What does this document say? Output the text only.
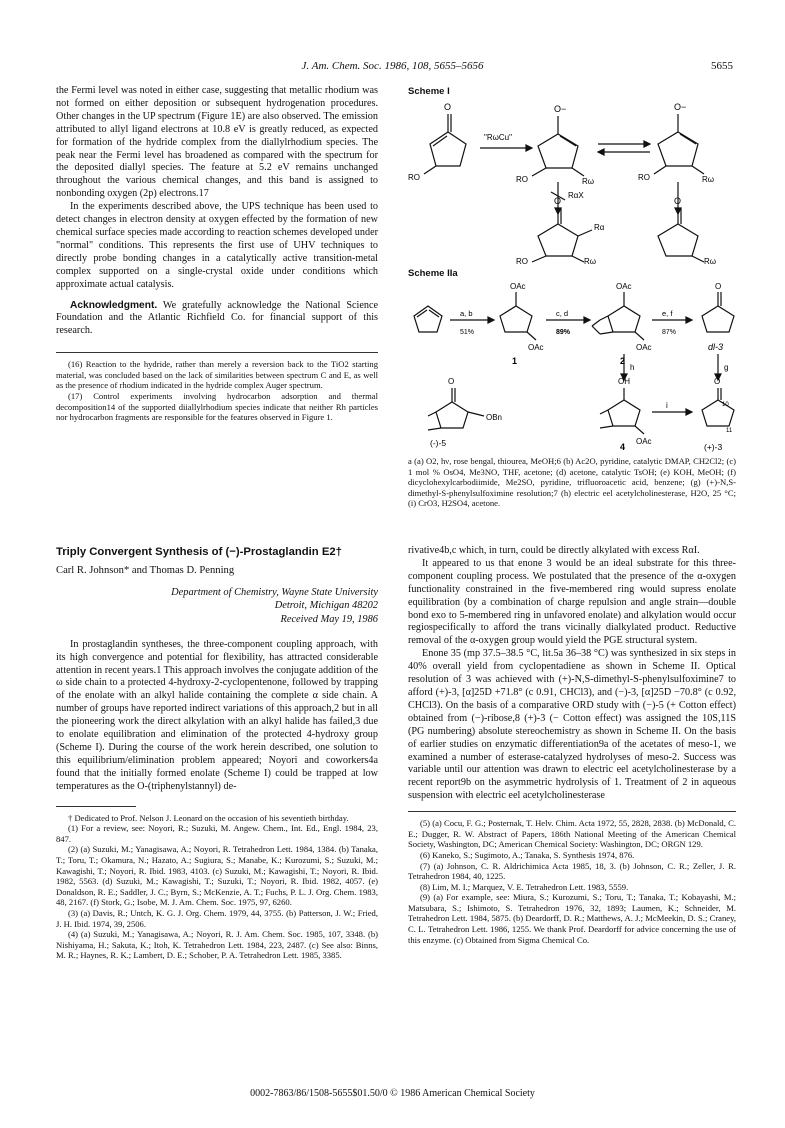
J. Am. Chem. Soc. 1986, 108, 5655–5656	5655

the Fermi level was noted in either case, suggesting that metallic rhodium was not formed on either deposition or subsequent hydrogenation procedures. Other changes in the UP spectrum (Figure 1E) are also observed. The emission attributed to allyl ligand electrons at 10.8 eV is greatly reduced, as expected for formation of the hydride complex from the diallylrhodium species. The peak near the Fermi level has broadened as compared with the spectrum for the deposited diallyl species. The feature at 5.2 eV remains unchanged throughout the various chemical changes, and this band is assigned to nonbonding oxygen (2p) electrons.17

In the experiments described above, the UPS technique has been used to detect changes in electron density at oxygen effected by the formation of new chemical surface species made according to reaction schemes developed under "normal" conditions. This represents the first use of UHV techniques to directly probe bonding changes in a catalytically active transition-metal complex supported on a single-crystal oxide under conditions which approximate actual catalysis.

Acknowledgment. We gratefully acknowledge the National Science Foundation and the Atlantic Richfield Co. for financial support of this research.

(16) Reaction to the hydride, rather than merely a reversion back to the TiO2 starting material, was concluded based on the lack of similarities between spectrum C and E, as well as the presence of rhodium indicated in the hydride complex Auger spectrum.

(17) Control experiments involving hydrocarbon adsorption and thermal decomposition14 of the supported diiallylrhodium species indicate that neither Rh particles nor hydrocarbon fragments are responsible for the features observed in Figure 1.

Triply Convergent Synthesis of (−)-Prostaglandin E2†
Carl R. Johnson* and Thomas D. Penning
Department of Chemistry, Wayne State University
Detroit, Michigan 48202
Received May 19, 1986

In prostaglandin syntheses, the three-component coupling approach, with its high convergence and potential for flexibility, has attracted considerable attention in recent years.1 This approach involves the conjugate addition of the ω side chain to a protected 4-hydroxy-2-cyclopentenone, followed by trapping of the enolate with an alkyl halide containing the complete α side chain. A number of groups have reported indirect variations of this approach,2 but in all the pioneering work the direct alkylation with an alkyl halide has failed,3 due to enolate equilibration and elimination of the protected 4-hydroxy group (Scheme I). During the course of the work herein described, one solution to this equilibrium/elimination problem appeared; Noyori and coworkers4a found that the initially formed enolate (Scheme I) could be trapped at low temperatures as the O-(triphenylstannyl) de-

† Dedicated to Prof. Nelson J. Leonard on the occasion of his seventieth birthday.

(1) For a review, see: Noyori, R.; Suzuki, M. Angew. Chem., Int. Ed., Engl. 1984, 23, 847.

(2) (a) Suzuki, M.; Yanagisawa, A.; Noyori, R. Tetrahedron Lett. 1984, 1384. (b) Tanaka, T.; Toru, T.; Okamura, N.; Hazato, A.; Sugiura, S.; Manabe, K.; Kurozumi, S.; Suzuki, M.; Kawagishi, T.; Noyori, R. Ibid. 1983, 4103. (c) Suzuki, M.; Kawagishi, T.; Noyori, R. Ibid. 1982, 5563. (d) Suzuki, M.; Kawagishi, T.; Suzuki, T.; Noyori, R. Ibid. 1982, 4057. (e) Donaldson, R. E.; Saddler, J. C.; Byrn, S.; McKenzie, A. T.; Fuchs, P. L. J. Org. Chem. 1983, 48, 2167. (f) Stork, G.; Isobe, M. J. Am. Chem. Soc. 1975, 97, 6260.

(3) (a) Davis, R.; Untch, K. G. J. Org. Chem. 1979, 44, 3755. (b) Patterson, J. W.; Fried, J. H. Ibid. 1974, 39, 2506.

(4) (a) Suzuki, M.; Yanagisawa, A.; Noyori, R. J. Am. Chem. Soc. 1985, 107, 3348. (b) Nishiyama, H.; Sakuta, K.; Itoh, K. Tetrahedron Lett. 1984, 223, 2487. (c) See also: Binns, M. R.; Haynes, R. K.; Lambert, D. E.; Schober, P. A. Tetrahedron Lett. 1985, 3385.

Scheme I
"RωCu"
RαX
O	O−	O−
RO	RO	RO
Rω	Rω
O	O
Rα
RO	Rω	Rω
Scheme IIa
OAc
OAc
OAc
OAc
O
a, b
51%
c, d
89%
e, f
87%
1	2
dl-3
h	g
O
OBn
OH
OAc
O
i	10
11
(-)-5	4	(+)-3
a (a) O2, hν, rose bengal, thiourea, MeOH;6 (b) Ac2O, pyridine, catalytic DMAP, CH2Cl2; (c) 1 mol % OsO4, Me3NO, THF, acetone; (d) acetone, catalytic TsOH; (e) KOH, MeOH; (f) dicyclohexylcarbodiimide, Me2SO, pyridine, trifluoroacetic acid, benzene; (g) (+)-N,S-dimethyl-S-phenylsulfoximine resolution;7 (h) electric eel acetylcholinesterase, H2O, 25 °C; (i) CrO3, H2SO4, acetone.

rivative4b,c which, in turn, could be directly alkylated with excess RαI.

It appeared to us that enone 3 would be an ideal substrate for this three-component coupling process. We postulated that the presence of the α-oxygen functionality constrained in the five-membered ring would supress enolate equilibration (by a combination of charge repulsion and angle strain—double bond exo to 5-membered ring in unfavored enolate) and alkylation would occur regiospecifically to afford the trans vicinally dialkylated product. Reductive removal of the α-oxygen group would yield the PGE structural system.

Enone 35 (mp 37.5–38.5 °C, lit.5a 36–38 °C) was synthesized in six steps in 40% overall yield from cyclopentadiene as shown in Scheme II. Optical resolution of 3 was achieved with (+)-N,S-dimethyl-S-phenylsulfoximine7 to afford (+)-3, [α]25D +71.8° (c 0.91, CHCl3), and (−)-3, [α]25D −70.8° (c 0.92, CHCl3). On the basis of a comparative ORD study with (−)-5 (+ Cotton effect) obtained from (−)-ribose,8 (+)-3 (− Cotton effect) was assigned the 10S,11S (PG numbering) absolute stereochemistry as shown in Scheme II. On the basis of earlier studies on enzymatic differentiation9a of the acetates of meso-1, we examined a number of esterase-catalyzed hydrolyses of meso-2. Success was variable until our attention was drawn to electric eel acetylcholinesterase by a recent report9b on the asymmetric hydrolysis of 1. Treatment of 2 in aqueous suspension with electric eel acetylcholinesterase

(5) (a) Cocu, F. G.; Posternak, T. Helv. Chim. Acta 1972, 55, 2828, 2838. (b) McDonald, C. E.; Dugger, R. W. Abstract of Papers, 186th National Meeting of the American Chemical Society, Washington, DC; American Chemical Society: Washington, DC; ORGN 129.

(6) Kaneko, S.; Sugimoto, A.; Tanaka, S. Synthesis 1974, 876.

(7) (a) Johnson, C. R. Aldrichimica Acta 1985, 18, 3. (b) Johnson, C. R.; Zeller, J. R. Tetrahedron 1984, 40, 1225.

(8) Lim, M. I.; Marquez, V. E. Tetrahedron Lett. 1983, 5559.

(9) (a) For example, see: Miura, S.; Kurozumi, S.; Toru, T.; Tanaka, T.; Kobayashi, M.; Matsubara, S.; Ishimoto, S. Tetrahedron 1976, 32, 1893; Laumen, K.; Schneider, M. Tetrahedron Lett. 1984, 5875. (b) Deardorff, D. R.; Matthews, A. J.; McMeekin, D. S.; Craney, C. L. Tetrahedron Lett. 1986, 1255. We thank Prof. Deardorff for advice concerning the use of this enzyme. (c) Obtained from Sigma Chemical Co.

0002-7863/86/1508-5655$01.50/0 © 1986 American Chemical Society
